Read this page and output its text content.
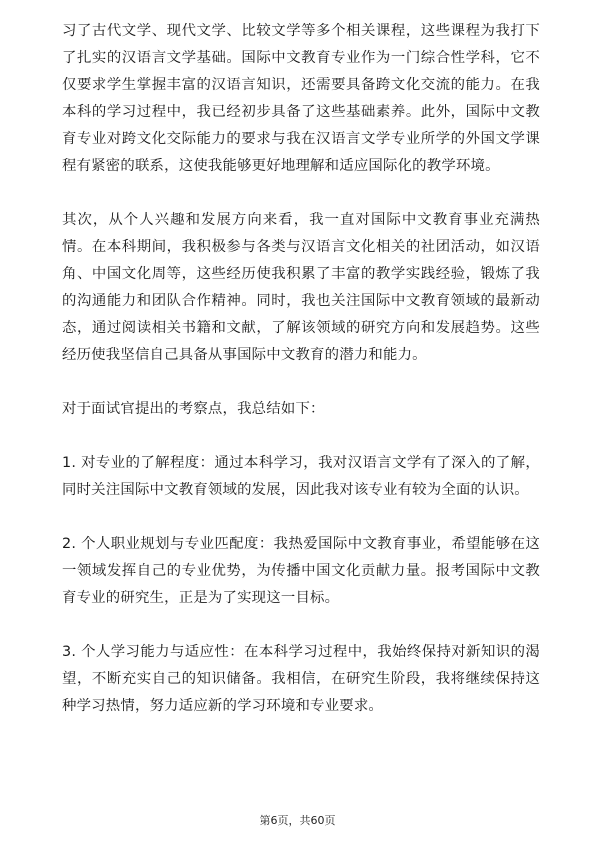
习了古代文学、现代文学、比较文学等多个相关课程，这些课程为我打下了扎实的汉语言文学基础。国际中文教育专业作为一门综合性学科，它不仅要求学生掌握丰富的汉语言知识，还需要具备跨文化交流的能力。在我本科的学习过程中，我已经初步具备了这些基础素养。此外，国际中文教育专业对跨文化交际能力的要求与我在汉语言文学专业所学的外国文学课程有紧密的联系，这使我能够更好地理解和适应国际化的教学环境。

其次，从个人兴趣和发展方向来看，我一直对国际中文教育事业充满热情。在本科期间，我积极参与各类与汉语言文化相关的社团活动，如汉语角、中国文化周等，这些经历使我积累了丰富的教学实践经验，锻炼了我的沟通能力和团队合作精神。同时，我也关注国际中文教育领域的最新动态，通过阅读相关书籍和文献，了解该领域的研究方向和发展趋势。这些经历使我坚信自己具备从事国际中文教育的潜力和能力。

对于面试官提出的考察点，我总结如下：

1. 对专业的了解程度：通过本科学习，我对汉语言文学有了深入的了解，同时关注国际中文教育领域的发展，因此我对该专业有较为全面的认识。

2. 个人职业规划与专业匹配度：我热爱国际中文教育事业，希望能够在这一领域发挥自己的专业优势，为传播中国文化贡献力量。报考国际中文教育专业的研究生，正是为了实现这一目标。

3. 个人学习能力与适应性：在本科学习过程中，我始终保持对新知识的渴望，不断充实自己的知识储备。我相信，在研究生阶段，我将继续保持这种学习热情，努力适应新的学习环境和专业要求。

第6页，共60页
